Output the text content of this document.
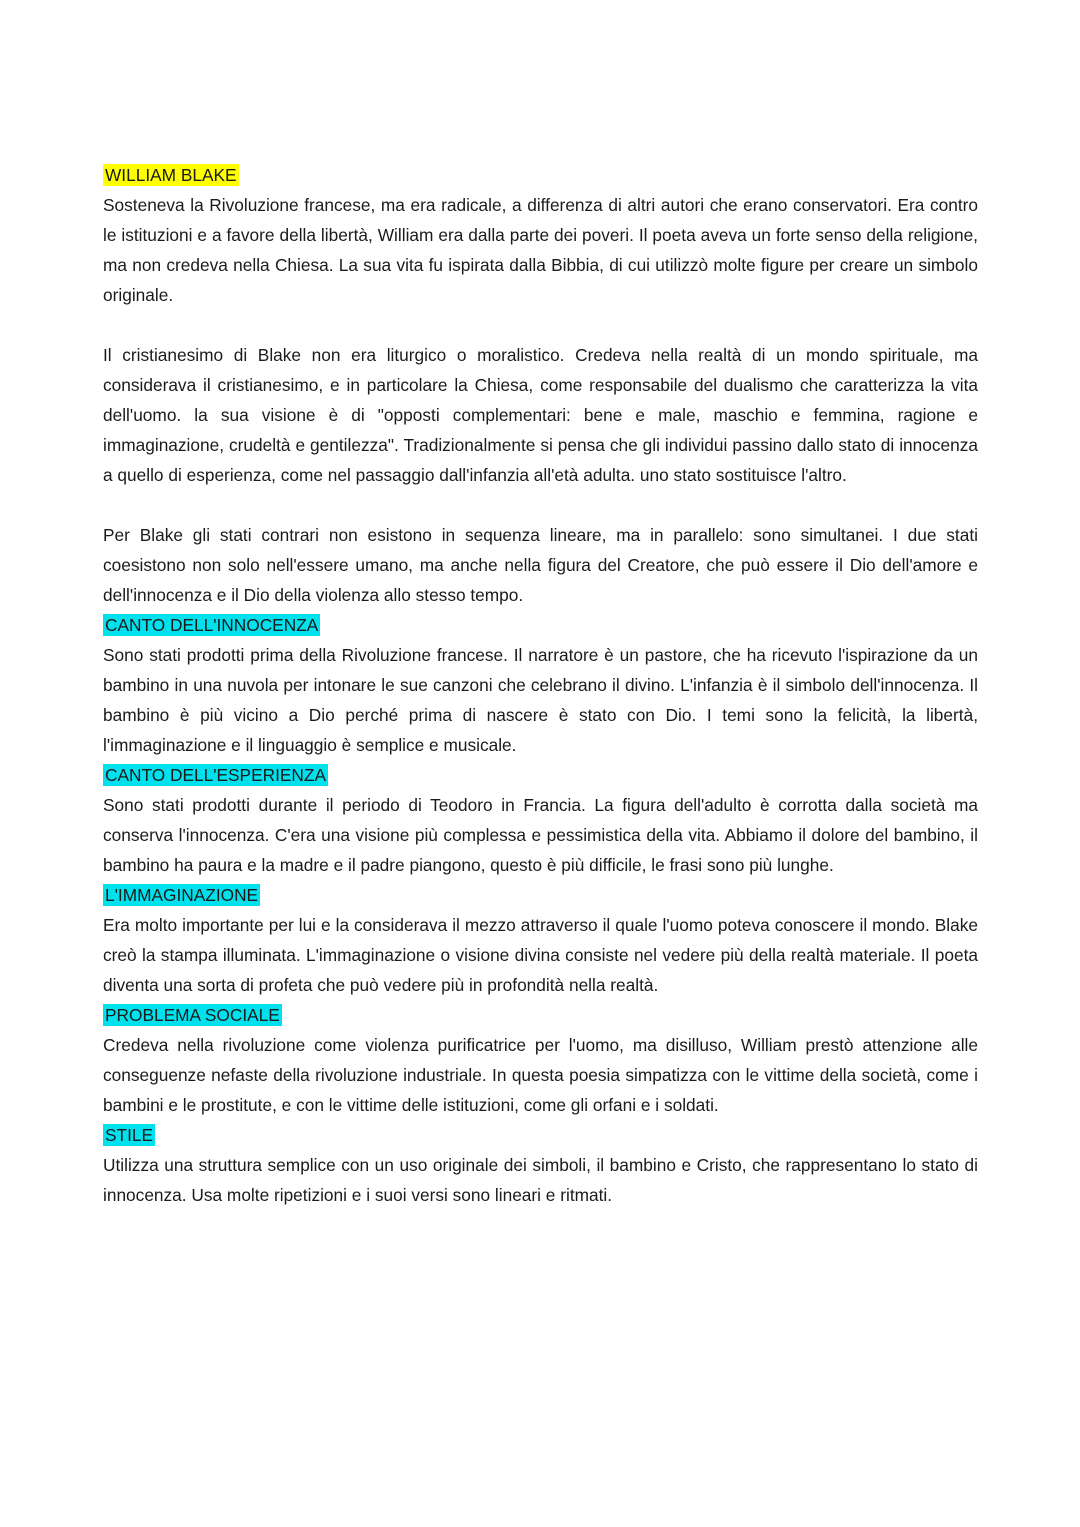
WILLIAM BLAKE

Sosteneva la Rivoluzione francese, ma era radicale, a differenza di altri autori che erano conservatori. Era contro le istituzioni e a favore della libertà, William era dalla parte dei poveri. Il poeta aveva un forte senso della religione, ma non credeva nella Chiesa. La sua vita fu ispirata dalla Bibbia, di cui utilizzò molte figure per creare un simbolo originale.

Il cristianesimo di Blake non era liturgico o moralistico. Credeva nella realtà di un mondo spirituale, ma considerava il cristianesimo, e in particolare la Chiesa, come responsabile del dualismo che caratterizza la vita dell'uomo. la sua visione è di "opposti complementari: bene e male, maschio e femmina, ragione e immaginazione, crudeltà e gentilezza". Tradizionalmente si pensa che gli individui passino dallo stato di innocenza a quello di esperienza, come nel passaggio dall'infanzia all'età adulta. uno stato sostituisce l'altro.

Per Blake gli stati contrari non esistono in sequenza lineare, ma in parallelo: sono simultanei. I due stati coesistono non solo nell'essere umano, ma anche nella figura del Creatore, che può essere il Dio dell'amore e dell'innocenza e il Dio della violenza allo stesso tempo.

CANTO DELL'INNOCENZA

Sono stati prodotti prima della Rivoluzione francese. Il narratore è un pastore, che ha ricevuto l'ispirazione da un bambino in una nuvola per intonare le sue canzoni che celebrano il divino. L'infanzia è il simbolo dell'innocenza. Il bambino è più vicino a Dio perché prima di nascere è stato con Dio. I temi sono la felicità, la libertà, l'immaginazione e il linguaggio è semplice e musicale.

CANTO DELL'ESPERIENZA

Sono stati prodotti durante il periodo di Teodoro in Francia. La figura dell'adulto è corrotta dalla società ma conserva l'innocenza. C'era una visione più complessa e pessimistica della vita. Abbiamo il dolore del bambino, il bambino ha paura e la madre e il padre piangono, questo è più difficile, le frasi sono più lunghe.

L'IMMAGINAZIONE

Era molto importante per lui e la considerava il mezzo attraverso il quale l'uomo poteva conoscere il mondo. Blake creò la stampa illuminata. L'immaginazione o visione divina consiste nel vedere più della realtà materiale. Il poeta diventa una sorta di profeta che può vedere più in profondità nella realtà.

PROBLEMA SOCIALE

Credeva nella rivoluzione come violenza purificatrice per l'uomo, ma disilluso, William prestò attenzione alle conseguenze nefaste della rivoluzione industriale. In questa poesia simpatizza con le vittime della società, come i bambini e le prostitute, e con le vittime delle istituzioni, come gli orfani e i soldati.

STILE

Utilizza una struttura semplice con un uso originale dei simboli, il bambino e Cristo, che rappresentano lo stato di innocenza. Usa molte ripetizioni e i suoi versi sono lineari e ritmati.
